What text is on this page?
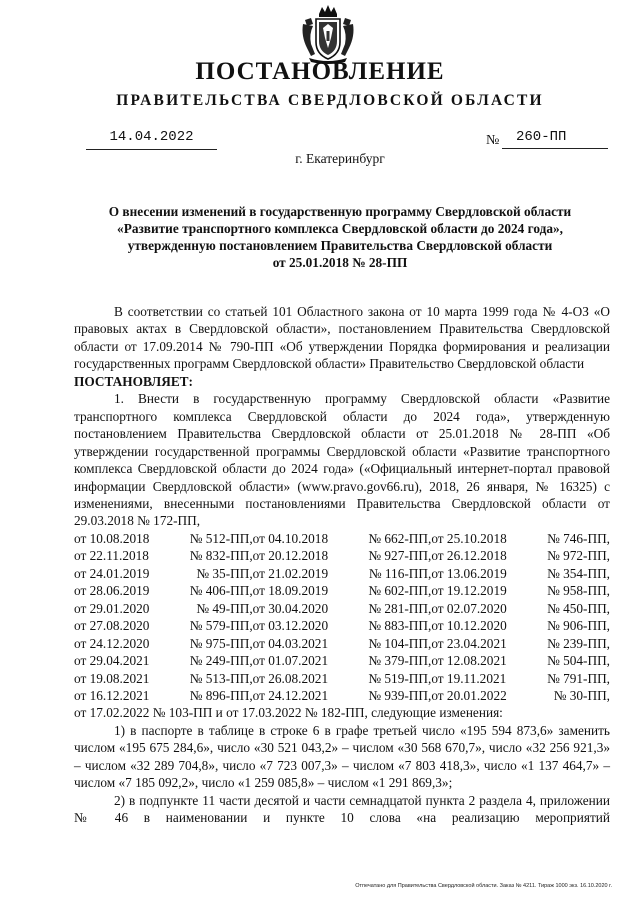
ПОСТАНОВЛЕНИЕ
ПРАВИТЕЛЬСТВА СВЕРДЛОВСКОЙ ОБЛАСТИ
14.04.2022	№	260-ПП
г. Екатеринбург
О внесении изменений в государственную программу Свердловской области
«Развитие транспортного комплекса Свердловской области до 2024 года»,
утвержденную постановлением Правительства Свердловской области
от 25.01.2018 № 28-ПП

В соответствии со статьей 101 Областного закона от 10 марта 1999 года № 4-ОЗ «О правовых актах в Свердловской области», постановлением Правительства Свердловской области от 17.09.2014 № 790-ПП «Об утверждении Порядка формирования и реализации государственных программ Свердловской области» Правительство Свердловской области

ПОСТАНОВЛЯЕТ:

1. Внести в государственную программу Свердловской области «Развитие транспортного комплекса Свердловской области до 2024 года», утвержденную постановлением Правительства Свердловской области от 25.01.2018 № 28-ПП «Об утверждении государственной программы Свердловской области «Развитие транспортного комплекса Свердловской области до 2024 года» («Официальный интернет-портал правовой информации Свердловской области» (www.pravo.gov66.ru), 2018, 26 января, № 16325) с изменениями, внесенными постановлениями Правительства Свердловской области от 29.03.2018 № 172-ПП,

от 10.08.2018	№ 512-ПП,	от 04.10.2018	№ 662-ПП,	от 25.10.2018	№ 746-ПП,
от 22.11.2018	№ 832-ПП,	от 20.12.2018	№ 927-ПП,	от 26.12.2018	№ 972-ПП,
от 24.01.2019	№ 35-ПП,	от 21.02.2019	№ 116-ПП,	от 13.06.2019	№ 354-ПП,
от 28.06.2019	№ 406-ПП,	от 18.09.2019	№ 602-ПП,	от 19.12.2019	№ 958-ПП,
от 29.01.2020	№ 49-ПП,	от 30.04.2020	№ 281-ПП,	от 02.07.2020	№ 450-ПП,
от 27.08.2020	№ 579-ПП,	от 03.12.2020	№ 883-ПП,	от 10.12.2020	№ 906-ПП,
от 24.12.2020	№ 975-ПП,	от 04.03.2021	№ 104-ПП,	от 23.04.2021	№ 239-ПП,
от 29.04.2021	№ 249-ПП,	от 01.07.2021	№ 379-ПП,	от 12.08.2021	№ 504-ПП,
от 19.08.2021	№ 513-ПП,	от 26.08.2021	№ 519-ПП,	от 19.11.2021	№ 791-ПП,
от 16.12.2021	№ 896-ПП,	от 24.12.2021	№ 939-ПП,	от 20.01.2022	№ 30-ПП,

от 17.02.2022 № 103-ПП и от 17.03.2022 № 182-ПП, следующие изменения:

1) в паспорте в таблице в строке 6 в графе третьей число «195 594 873,6» заменить числом «195 675 284,6», число «30 521 043,2» – числом «30 568 670,7», число «32 256 921,3» – числом «32 289 704,8», число «7 723 007,3» – числом «7 803 418,3», число «1 137 464,7» – числом «7 185 092,2», число «1 259 085,8» – числом «1 291 869,3»;

2) в подпункте 11 части десятой и части семнадцатой пункта 2 раздела 4, приложении № 46 в наименовании и пункте 10 слова «на реализацию мероприятий

Отпечатано для Правительства Свердловской области. Заказ № 4211. Тираж 1000 экз. 16.10.2020 г.
